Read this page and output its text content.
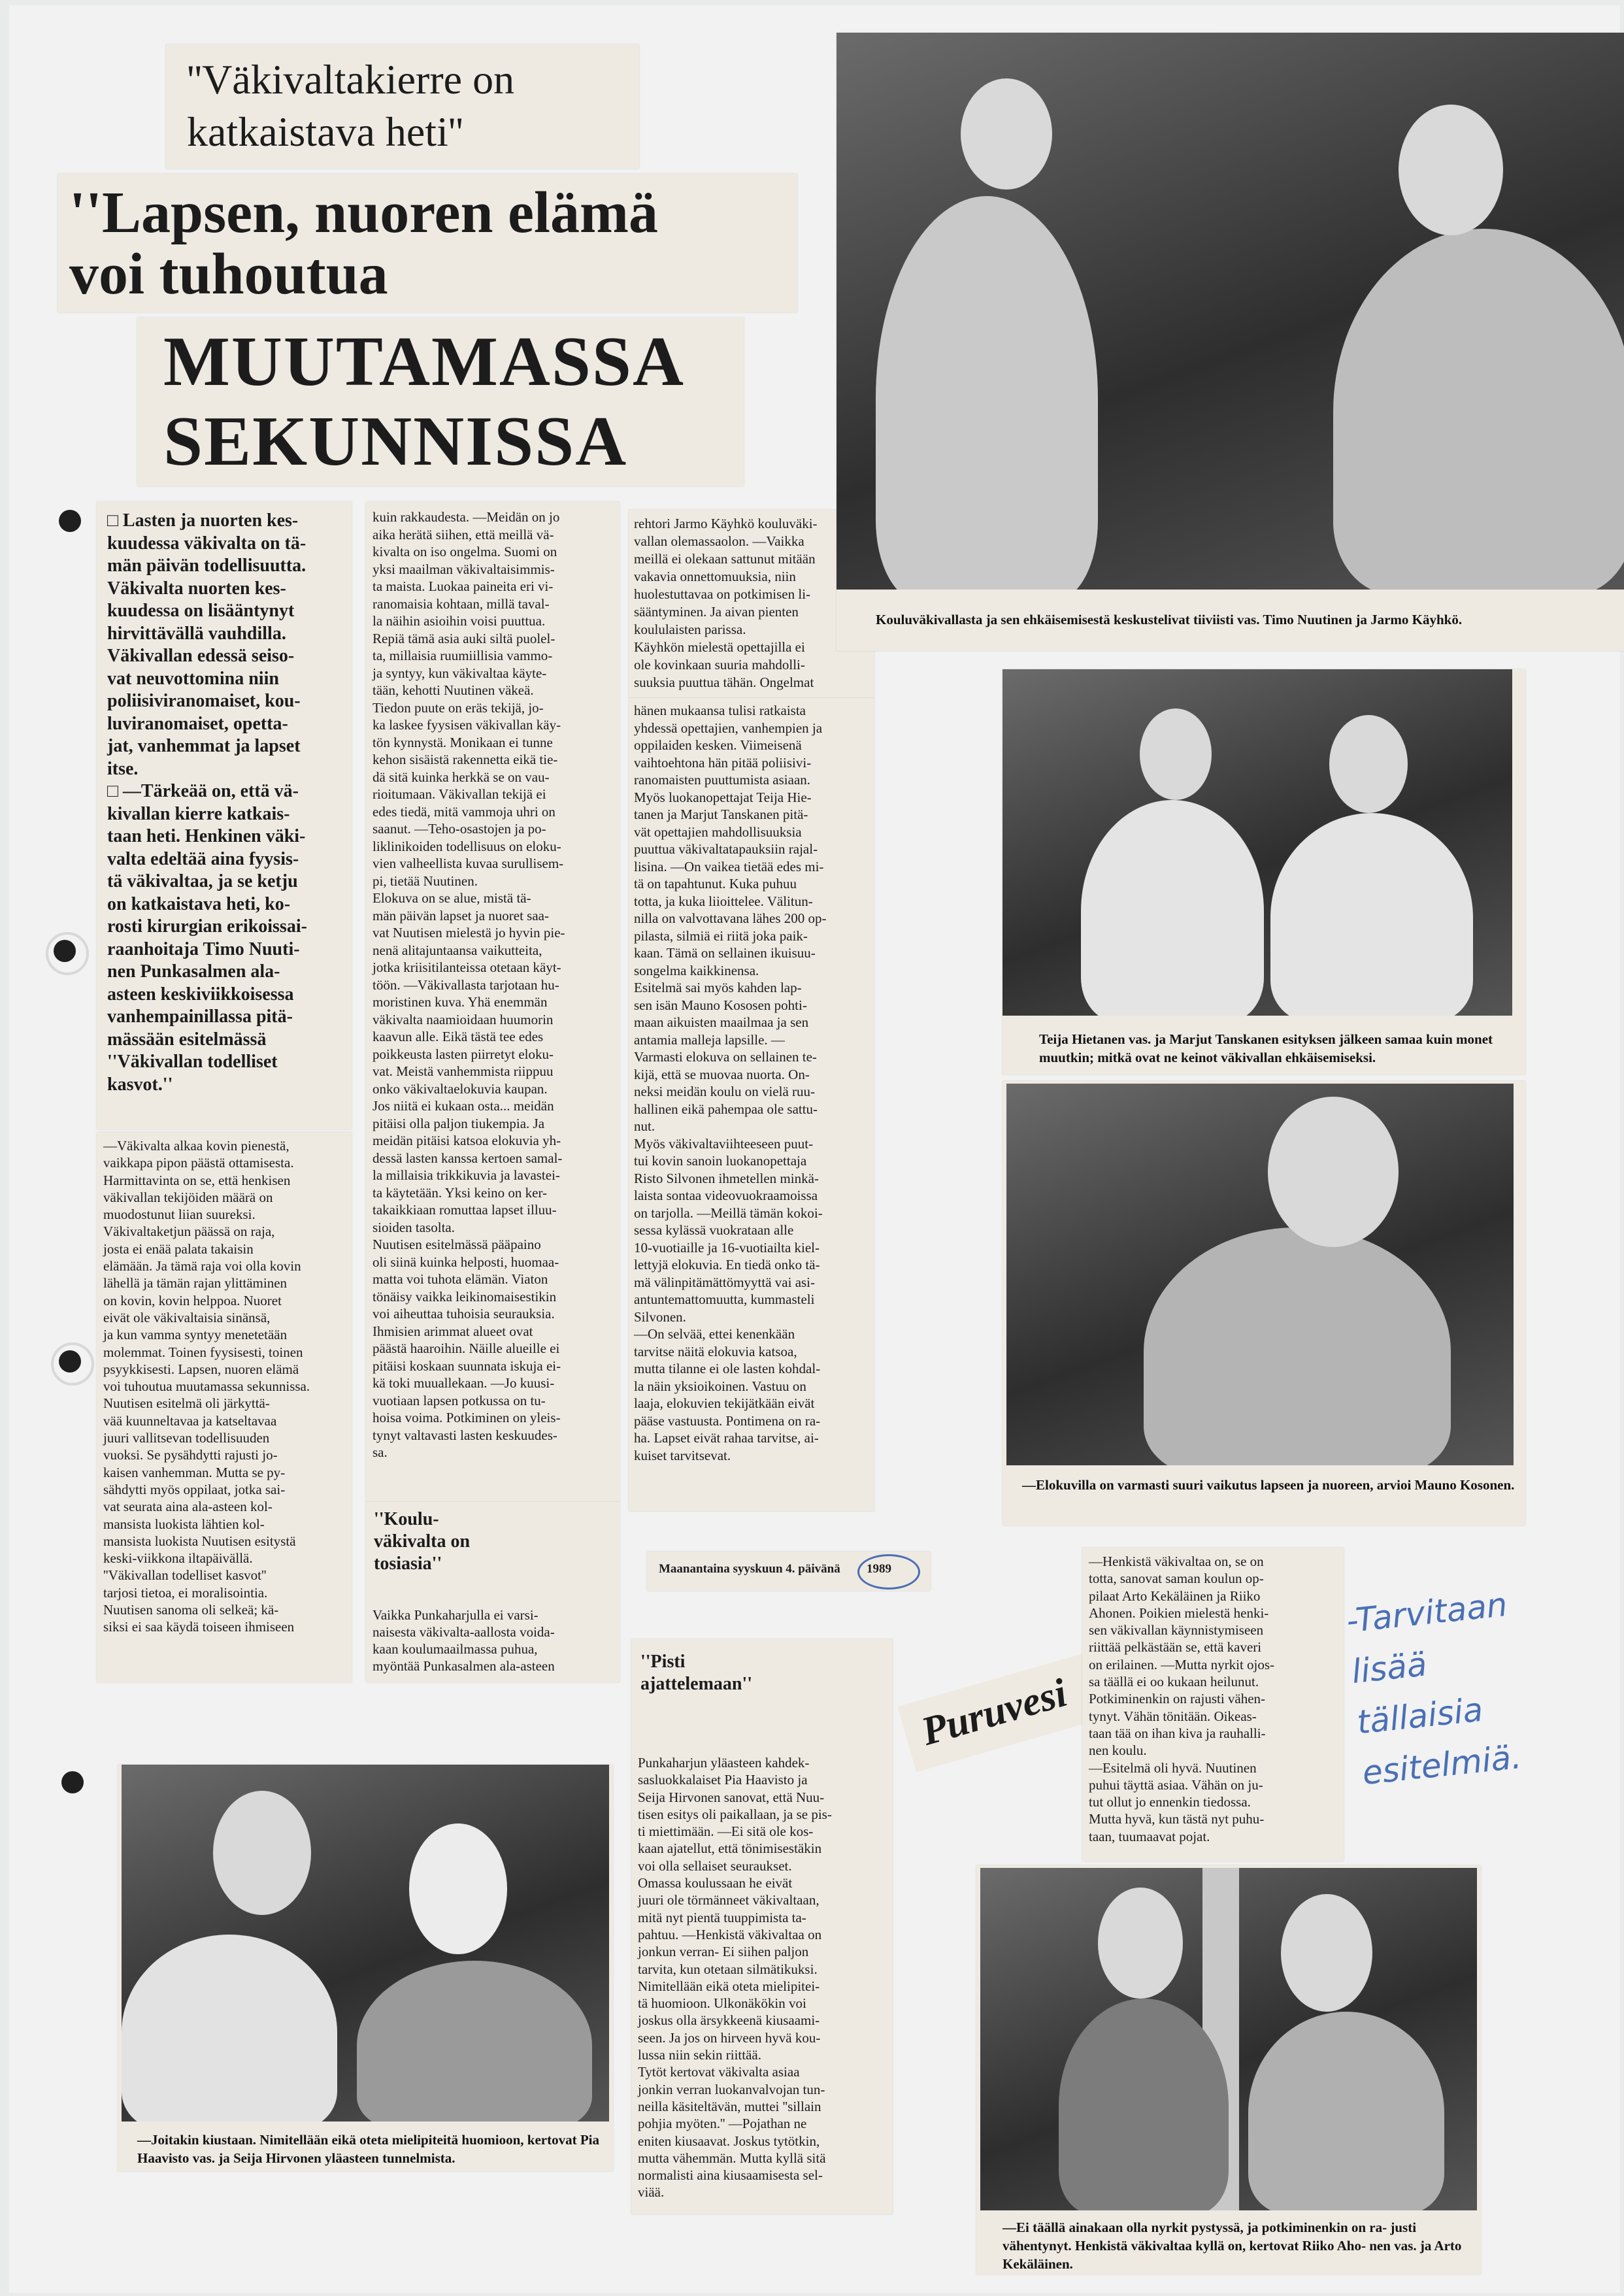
''Väkivaltakierre on
katkaistava heti''
''Lapsen, nuoren elämä
voi tuhoutua
MUUTAMASSA
SEKUNNISSA
□ Lasten ja nuorten kes-
kuudessa väkivalta on tä-
män päivän todellisuutta.
Väkivalta nuorten kes-
kuudessa on lisääntynyt
hirvittävällä vauhdilla.
Väkivallan edessä seiso-
vat neuvottomina niin
poliisiviranomaiset, kou-
luviranomaiset, opetta-
jat, vanhemmat ja lapset
itse.
□ —Tärkeää on, että vä-
kivallan kierre katkais-
taan heti. Henkinen väki-
valta edeltää aina fyysis-
tä väkivaltaa, ja se ketju
on katkaistava heti, ko-
rosti kirurgian erikoissai-
raanhoitaja Timo Nuuti-
nen Punkasalmen ala-
asteen keskiviikkoisessa
vanhempainillassa pitä-
mässään esitelmässä
''Väkivallan todelliset
kasvot.''
—Väkivalta alkaa kovin pienestä,
vaikkapa pipon päästä ottamisesta.
Harmittavinta on se, että henkisen
väkivallan tekijöiden määrä on
muodostunut liian suureksi.
Väkivaltaketjun päässä on raja,
josta ei enää palata takaisin
elämään. Ja tämä raja voi olla kovin
lähellä ja tämän rajan ylittäminen
on kovin, kovin helppoa. Nuoret
eivät ole väkivaltaisia sinänsä,
ja kun vamma syntyy menetetään
molemmat. Toinen fyysisesti, toinen
psyykkisesti. Lapsen, nuoren elämä
voi tuhoutua muutamassa sekunnissa.
Nuutisen esitelmä oli järkyttä-
vää kuunneltavaa ja katseltavaa
juuri vallitsevan todellisuuden
vuoksi. Se pysähdytti rajusti jo-
kaisen vanhemman. Mutta se py-
sähdytti myös oppilaat, jotka sai-
vat seurata aina ala-asteen kol-
mansista luokista lähtien kol-
mansista luokista Nuutisen esitystä
keski-viikkona iltapäivällä.
''Väkivallan todelliset kasvot''
tarjosi tietoa, ei moralisointia.
Nuutisen sanoma oli selkeä; kä-
siksi ei saa käydä toiseen ihmiseen
kuin rakkaudesta. —Meidän on jo
aika herätä siihen, että meillä vä-
kivalta on iso ongelma. Suomi on
yksi maailman väkivaltaisimmis-
ta maista. Luokaa paineita eri vi-
ranomaisia kohtaan, millä taval-
la näihin asioihin voisi puuttua.
Repiä tämä asia auki siltä puolel-
ta, millaisia ruumiillisia vammo-
ja syntyy, kun väkivaltaa käyte-
tään, kehotti Nuutinen väkeä.
Tiedon puute on eräs tekijä, jo-
ka laskee fyysisen väkivallan käy-
tön kynnystä. Monikaan ei tunne
kehon sisäistä rakennetta eikä tie-
dä sitä kuinka herkkä se on vau-
rioitumaan. Väkivallan tekijä ei
edes tiedä, mitä vammoja uhri on
saanut. —Teho-osastojen ja po-
liklinikoiden todellisuus on eloku-
vien valheellista kuvaa surullisem-
pi, tietää Nuutinen.
Elokuva on se alue, mistä tä-
män päivän lapset ja nuoret saa-
vat Nuutisen mielestä jo hyvin pie-
nenä alitajuntaansa vaikutteita,
jotka kriisitilanteissa otetaan käyt-
töön. —Väkivallasta tarjotaan hu-
moristinen kuva. Yhä enemmän
väkivalta naamioidaan huumorin
kaavun alle. Eikä tästä tee edes
poikkeusta lasten piirretyt eloku-
vat. Meistä vanhemmista riippuu
onko väkivaltaelokuvia kaupan.
Jos niitä ei kukaan osta... meidän
pitäisi olla paljon tiukempia. Ja
meidän pitäisi katsoa elokuvia yh-
dessä lasten kanssa kertoen samal-
la millaisia trikkikuvia ja lavastei-
ta käytetään. Yksi keino on ker-
takaikkiaan romuttaa lapset illuu-
sioiden tasolta.
Nuutisen esitelmässä pääpaino
oli siinä kuinka helposti, huomaa-
matta voi tuhota elämän. Viaton
tönäisy vaikka leikinomaisestikin
voi aiheuttaa tuhoisia seurauksia.
Ihmisien arimmat alueet ovat
päästä haaroihin. Näille alueille ei
pitäisi koskaan suunnata iskuja ei-
kä toki muuallekaan. —Jo kuusi-
vuotiaan lapsen potkussa on tu-
hoisa voima. Potkiminen on yleis-
tynyt valtavasti lasten keskuudes-
sa.
''Koulu-
väkivalta on
tosiasia''
Vaikka Punkaharjulla ei varsi-
naisesta väkivalta-aallosta voida-
kaan koulumaailmassa puhua,
myöntää Punkasalmen ala-asteen
rehtori Jarmo Käyhkö kouluväki-
vallan olemassaolon. —Vaikka
meillä ei olekaan sattunut mitään
vakavia onnettomuuksia, niin
huolestuttavaa on potkimisen li-
sääntyminen. Ja aivan pienten
koululaisten parissa.
Käyhkön mielestä opettajilla ei
ole kovinkaan suuria mahdolli-
suuksia puuttua tähän. Ongelmat
hänen mukaansa tulisi ratkaista
yhdessä opettajien, vanhempien ja
oppilaiden kesken. Viimeisenä
vaihtoehtona hän pitää poliisivi-
ranomaisten puuttumista asiaan.
Myös luokanopettajat Teija Hie-
tanen ja Marjut Tanskanen pitä-
vät opettajien mahdollisuuksia
puuttua väkivaltatapauksiin rajal-
lisina. —On vaikea tietää edes mi-
tä on tapahtunut. Kuka puhuu
totta, ja kuka liioittelee. Välitun-
nilla on valvottavana lähes 200 op-
pilasta, silmiä ei riitä joka paik-
kaan. Tämä on sellainen ikuisuu-
songelma kaikkinensa.
Esitelmä sai myös kahden lap-
sen isän Mauno Kososen pohti-
maan aikuisten maailmaa ja sen
antamia malleja lapsille. —
Varmasti elokuva on sellainen te-
kijä, että se muovaa nuorta. On-
neksi meidän koulu on vielä ruu-
hallinen eikä pahempaa ole sattu-
nut.
Myös väkivaltaviihteeseen puut-
tui kovin sanoin luokanopettaja
Risto Silvonen ihmetellen minkä-
laista sontaa videovuokraamoissa
on tarjolla. —Meillä tämän kokoi-
sessa kylässä vuokrataan alle
10-vuotiaille ja 16-vuotiailta kiel-
lettyjä elokuvia. En tiedä onko tä-
mä välinpitämättömyyttä vai asi-
antuntemattomuutta, kummasteli
Silvonen.
—On selvää, ettei kenenkään
tarvitse näitä elokuvia katsoa,
mutta tilanne ei ole lasten kohdal-
la näin yksioikoinen. Vastuu on
laaja, elokuvien tekijätkään eivät
pääse vastuusta. Pontimena on ra-
ha. Lapset eivät rahaa tarvitse, ai-
kuiset tarvitsevat.
Maanantaina syyskuun 4. päivänä 1989
''Pisti
ajattelemaan''
Punkaharjun yläasteen kahdek-
sasluokkalaiset Pia Haavisto ja
Seija Hirvonen sanovat, että Nuu-
tisen esitys oli paikallaan, ja se pis-
ti miettimään. —Ei sitä ole kos-
kaan ajatellut, että tönimisestäkin
voi olla sellaiset seuraukset.
Omassa koulussaan he eivät
juuri ole törmänneet väkivaltaan,
mitä nyt pientä tuuppimista ta-
pahtuu. —Henkistä väkivaltaa on
jonkun verran- Ei siihen paljon
tarvita, kun otetaan silmätikuksi.
Nimitellään eikä oteta mielipitei-
tä huomioon. Ulkonäkökin voi
joskus olla ärsykkeenä kiusaami-
seen. Ja jos on hirveen hyvä kou-
lussa niin sekin riittää.
Tytöt kertovat väkivalta asiaa
jonkin verran luokanvalvojan tun-
neilla käsiteltävän, muttei ''sillain
pohjia myöten.'' —Pojathan ne
eniten kiusaavat. Joskus tytötkin,
mutta vähemmän. Mutta kyllä sitä
normalisti aina kiusaamisesta sel-
viää.
Puruvesi
—Henkistä väkivaltaa on, se on
totta, sanovat saman koulun op-
pilaat Arto Kekäläinen ja Riiko
Ahonen. Poikien mielestä henki-
sen väkivallan käynnistymiseen
riittää pelkästään se, että kaveri
on erilainen. —Mutta nyrkit ojos-
sa täällä ei oo kukaan heilunut.
Potkiminenkin on rajusti vähen-
tynyt. Vähän tönitään. Oikeas-
taan tää on ihan kiva ja rauhalli-
nen koulu.
—Esitelmä oli hyvä. Nuutinen
puhui täyttä asiaa. Vähän on ju-
tut ollut jo ennenkin tiedossa.
Mutta hyvä, kun tästä nyt puhu-
taan, tuumaavat pojat.
-Tarvitaan
lisää
tällaisia
esitelmiä.
Kouluväkivallasta ja sen ehkäisemisestä keskustelivat tiiviisti vas. Timo Nuutinen ja Jarmo Käyhkö.
Teija Hietanen vas. ja Marjut Tanskanen esityksen jälkeen samaa kuin monet muutkin; mitkä ovat ne keinot väkivallan ehkäisemiseksi.
—Elokuvilla on varmasti suuri vaikutus lapseen ja nuoreen, arvioi Mauno Kosonen.
—Joitakin kiustaan. Nimitellään eikä oteta mielipiteitä huomioon, kertovat Pia Haavisto vas. ja Seija Hirvonen yläasteen tunnelmista.
—Ei täällä ainakaan olla nyrkit pystyssä, ja potkiminenkin on ra- justi vähentynyt. Henkistä väkivaltaa kyllä on, kertovat Riiko Aho- nen vas. ja Arto Kekäläinen.
